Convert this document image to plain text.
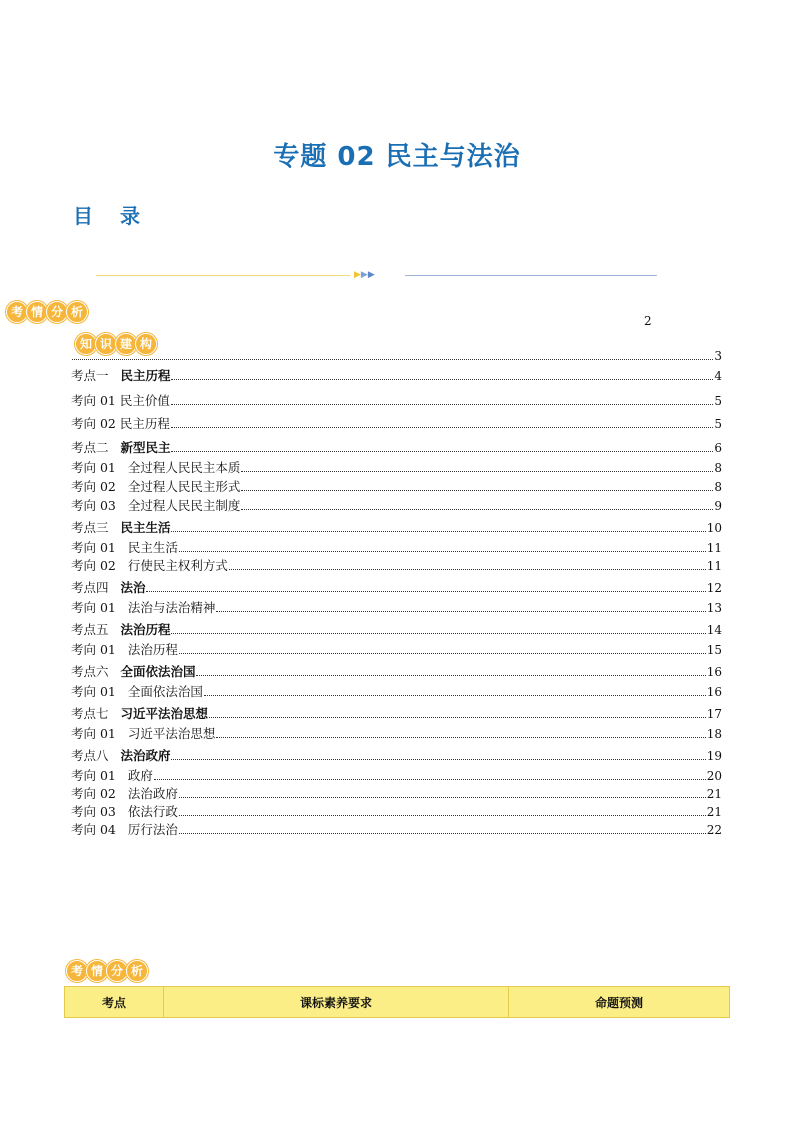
专题 02 民主与法治
目 录
▶▶▶
考 情 分 析
2
知 识 建 构
3
考点一 民主历程	4
考向 01 民主价值	5
考向 02 民主历程	5
考点二 新型民主	6
考向 01 全过程人民民主本质	8
考向 02 全过程人民民主形式	8
考向 03 全过程人民民主制度	9
考点三 民主生活	10
考向 01 民主生活	11
考向 02 行使民主权利方式	11
考点四 法治	12
考向 01 法治与法治精神	13
考点五 法治历程	14
考向 01 法治历程	15
考点六 全面依法治国	16
考向 01 全面依法治国	16
考点七 习近平法治思想	17
考向 01 习近平法治思想	18
考点八 法治政府	19
考向 01 政府	20
考向 02 法治政府	21
考向 03 依法行政	21
考向 04 厉行法治	22
考 情 分 析
考点	课标素养要求	命题预测
